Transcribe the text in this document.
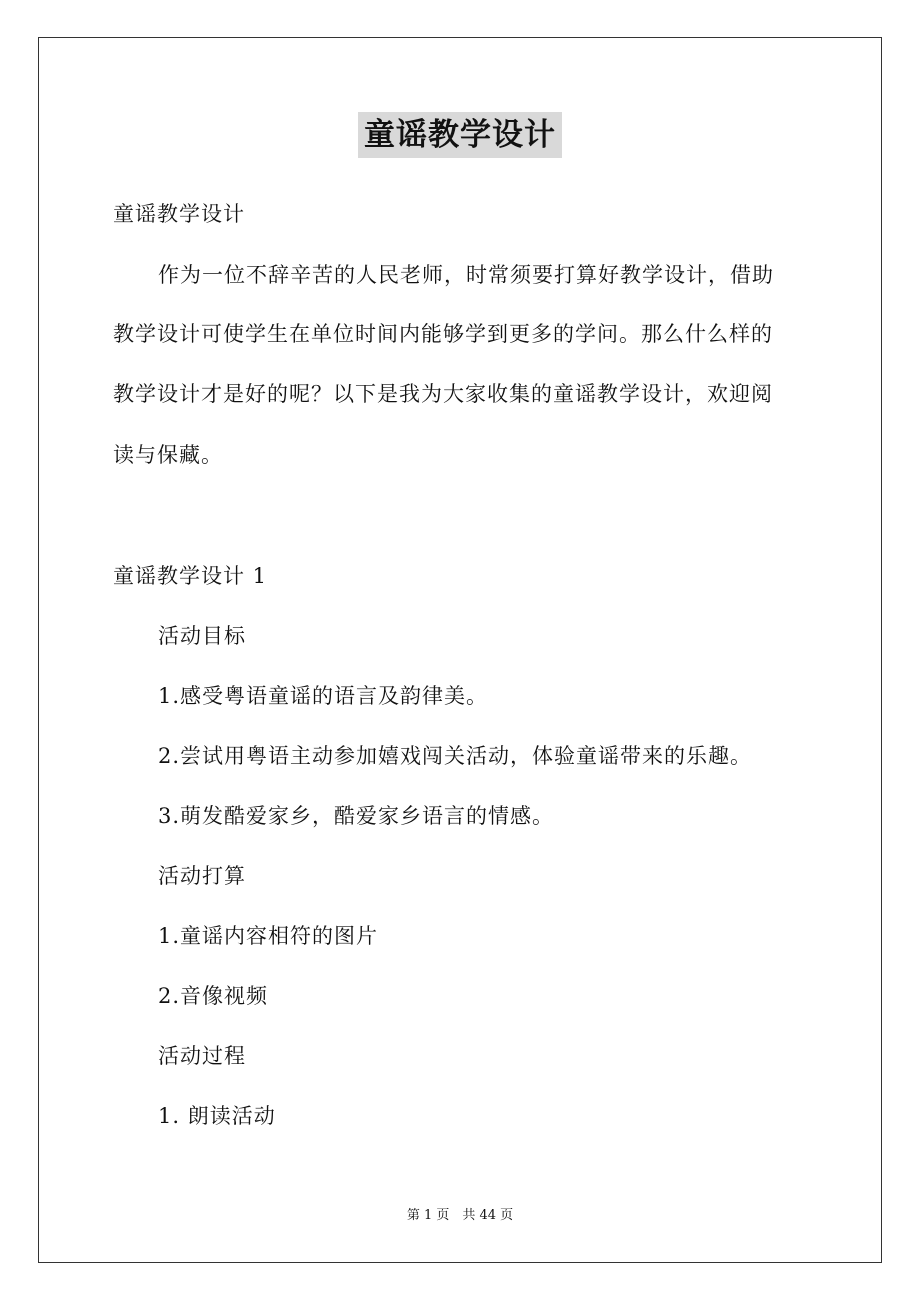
童谣教学设计
童谣教学设计
作为一位不辞辛苦的人民老师，时常须要打算好教学设计，借助
教学设计可使学生在单位时间内能够学到更多的学问。那么什么样的
教学设计才是好的呢？以下是我为大家收集的童谣教学设计，欢迎阅
读与保藏。
童谣教学设计 1
活动目标
1.感受粤语童谣的语言及韵律美。
2.尝试用粤语主动参加嬉戏闯关活动，体验童谣带来的乐趣。
3.萌发酷爱家乡，酷爱家乡语言的情感。
活动打算
1.童谣内容相符的图片
2.音像视频
活动过程
1. 朗读活动
第 1 页　共 44 页
